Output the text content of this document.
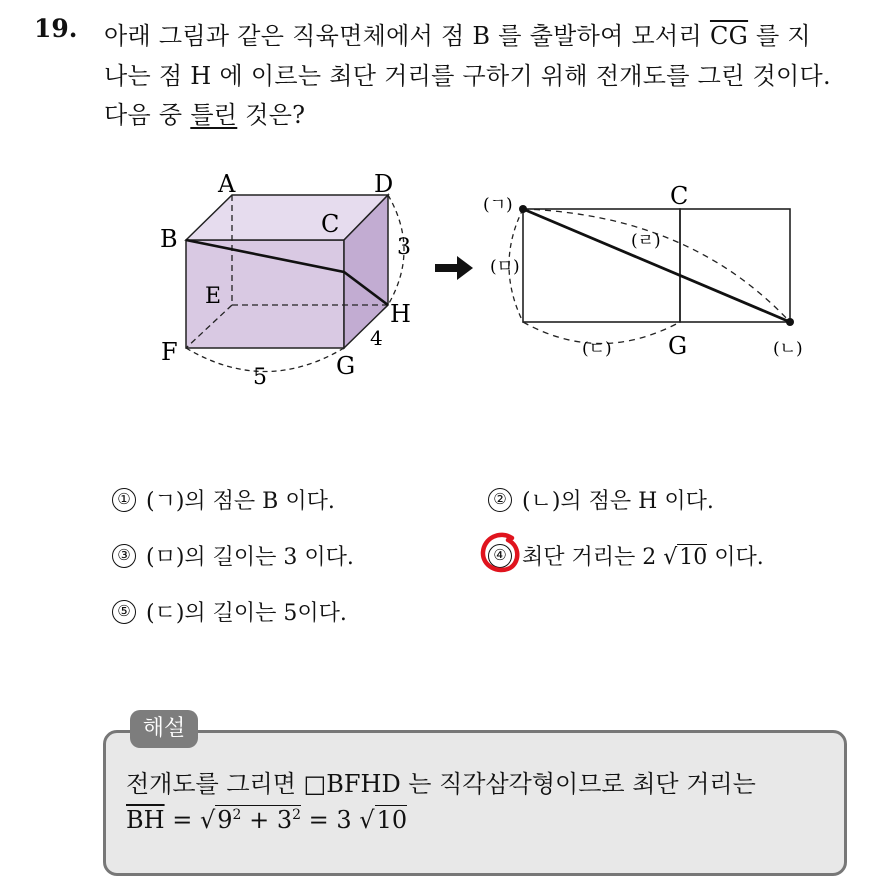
19. 아래 그림과 같은 직육면체에서 점 B 를 출발하여 모서리 $\overline{CG}$ 를 지
나는 점 H 에 이르는 최단 거리를 구하기 위해 전개도를 그린 것이다.
다음 중 틀린 것은?
A	D
B
C
E
H
F	G
3
4
5
(ㄱ)	C
(ㄹ)
(ㅁ)
(ㄷ) G	(ㄴ)
① (ㄱ)의 점은 B 이다.	② (ㄴ)의 점은 H 이다.
③ (ㅁ)의 길이는 3 이다.	④ 최단 거리는 2 √10 이다.
⑤ (ㄷ)의 길이는 5이다.
해설
전개도를 그리면 □BFHD 는 직각삼각형이므로 최단 거리는
$\overline{BH} = √9^2 + 3^2 = 3$ √10
